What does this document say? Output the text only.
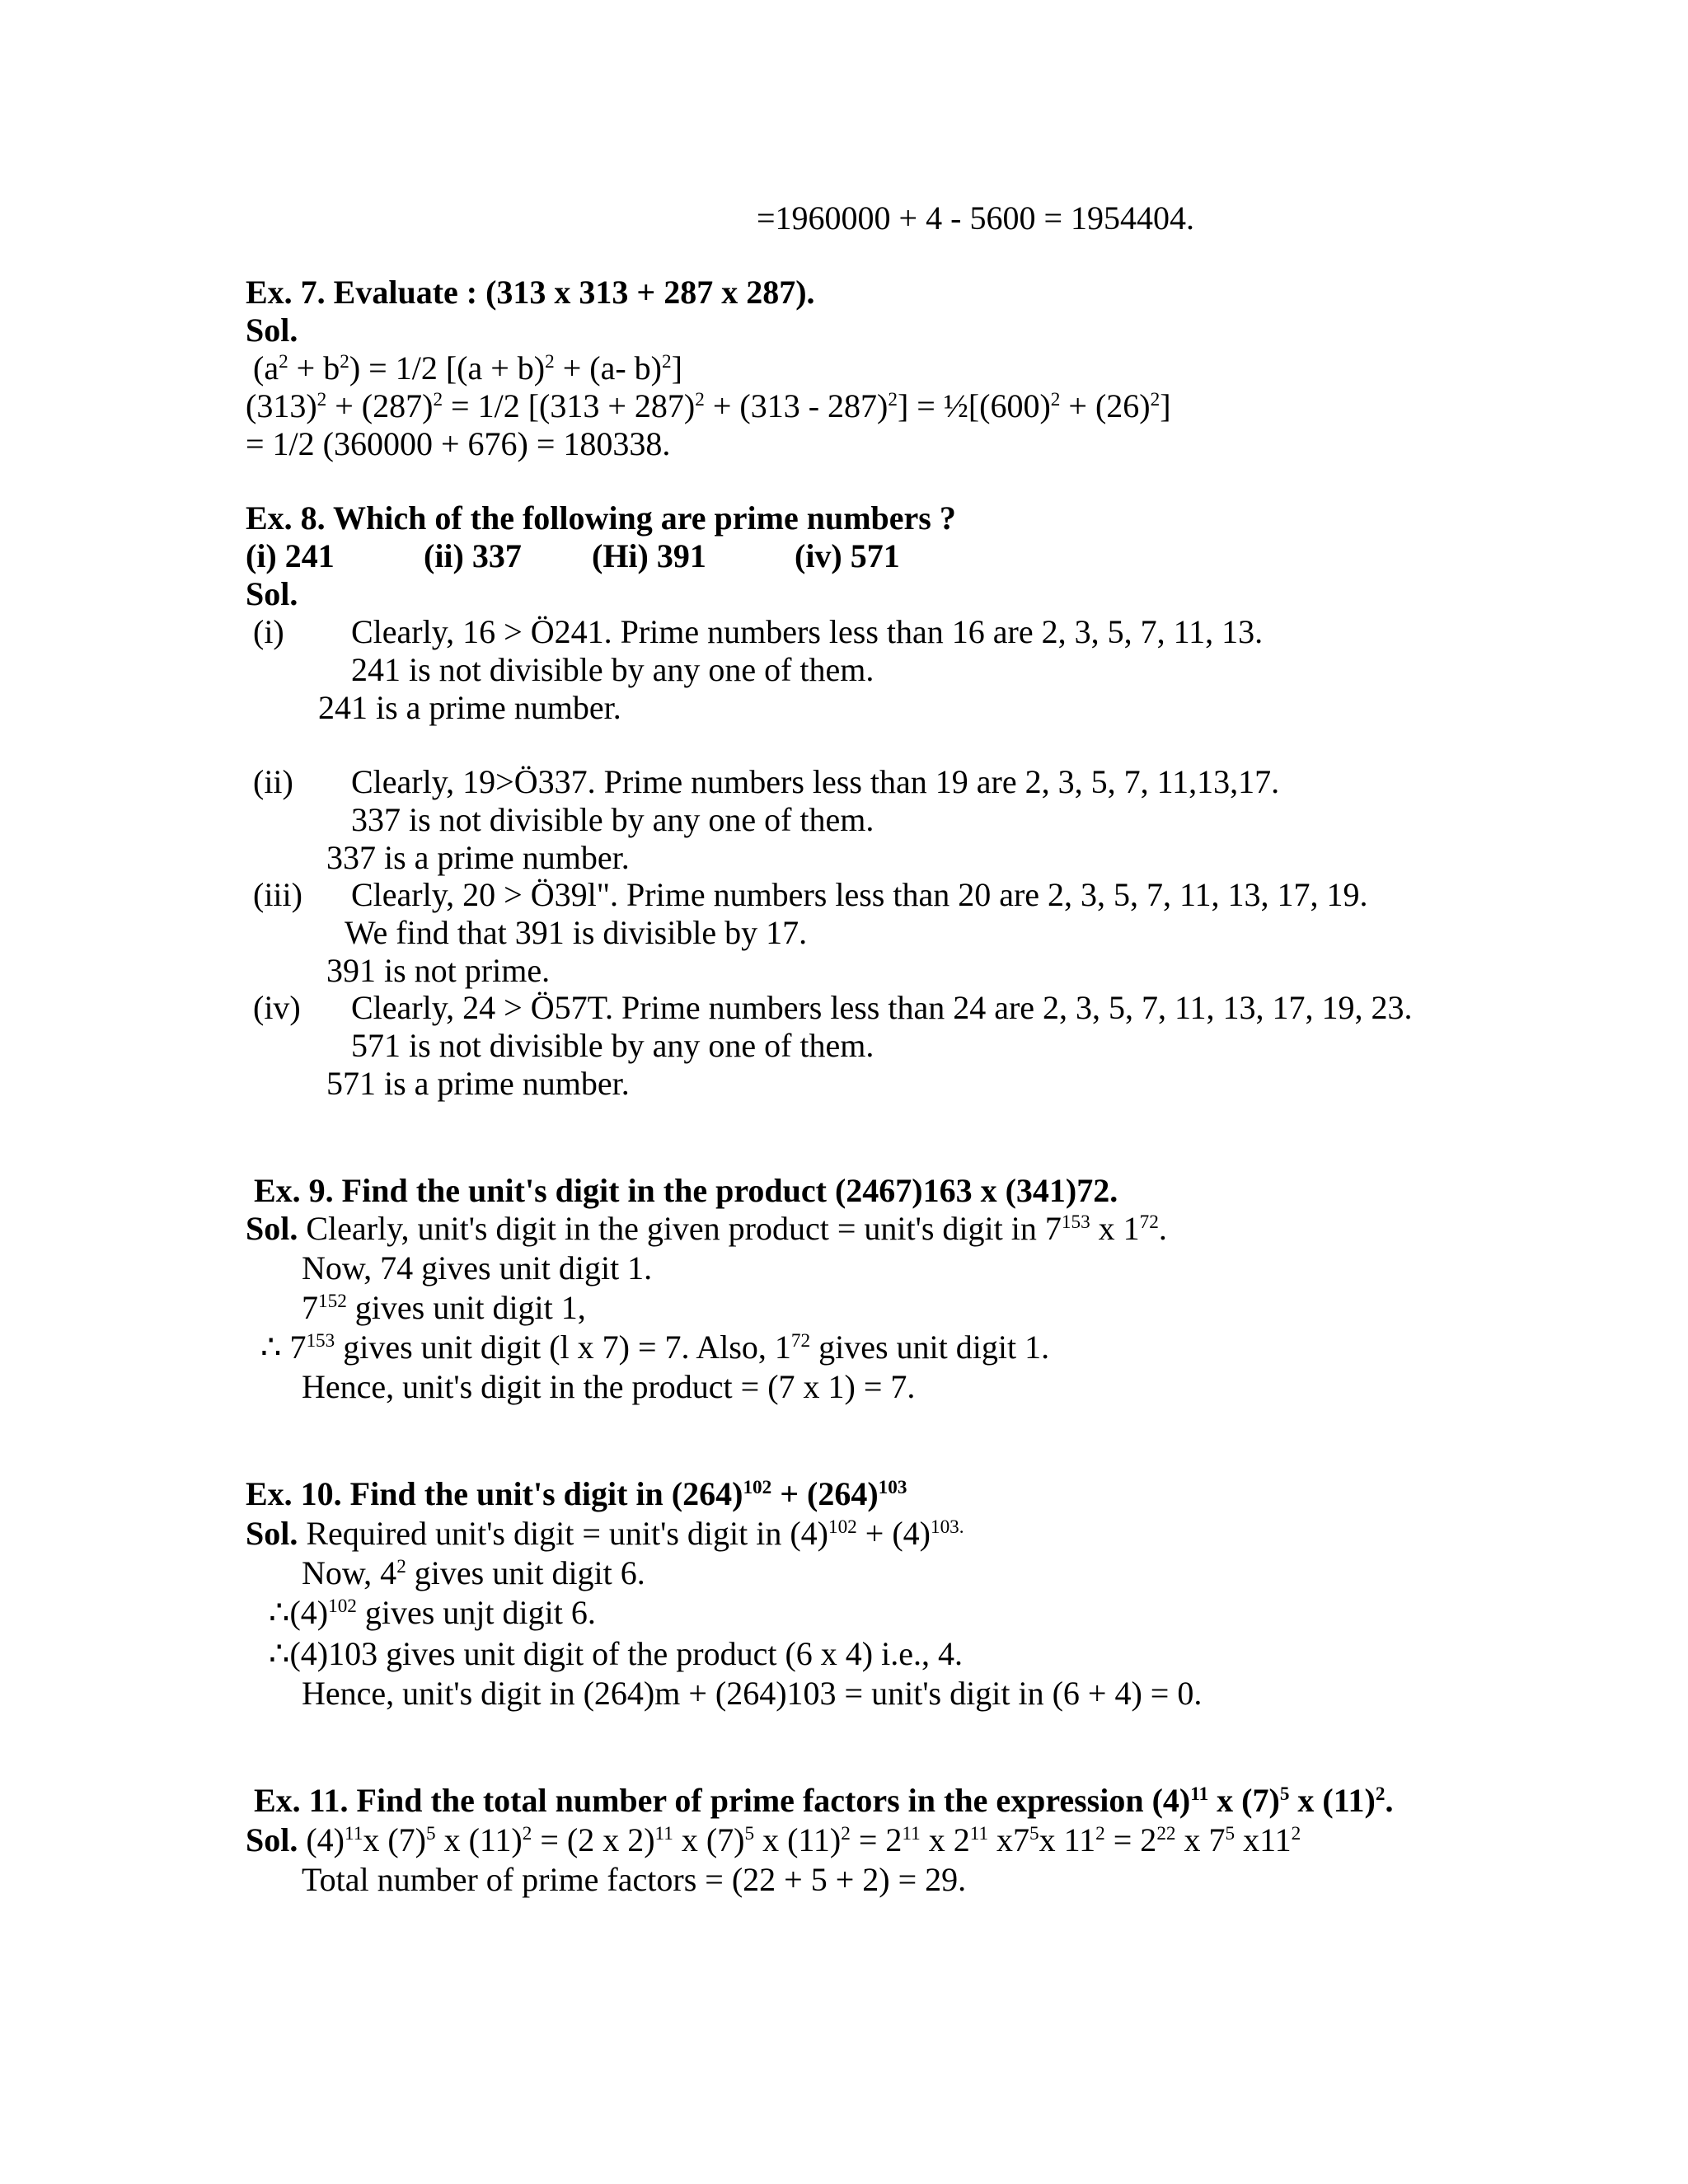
=1960000 + 4 - 5600 = 1954404.
Ex. 7. Evaluate : (313 x 313 + 287 x 287).
Sol.
$(a^2 + b^2) = 1/2$ [$(a + b)^2 + (a-$ b)$^2$]
$(313)^2 + (287)^2 = 1/2$ $[(313 + 287)^2 + (313 - 287)^2]$ = $\frac{1}{2}[(600)^2 + (26)^2]$
= 1/2 (360000 + 676) = 180338.
Ex. 8. Which of the following are prime numbers ?
(i) 241	(ii) 337 (Hi) 391	(iv) 571
Sol.
(i) Clearly, 16 > Ö241. Prime numbers less than 16 are 2, 3, 5, 7, 11, 13.
241 is not divisible by any one of them.
241 is a prime number.
(ii) Clearly, 19>Ö337. Prime numbers less than 19 are 2, 3, 5, 7, 11,13,17.
337 is not divisible by any one of them.
337 is a prime number.
(iii) Clearly, 20 > Ö39l". Prime numbers less than 20 are 2, 3, 5, 7, 11, 13, 17, 19.
We find that 391 is divisible by 17.
391 is not prime.
(iv) Clearly, 24 > Ö57T. Prime numbers less than 24 are 2, 3, 5, 7, 11, 13, 17, 19, 23.
571 is not divisible by any one of them.
571 is a prime number.
Ex. 9. Find the unit's digit in the product (2467)163 x (341)72.
Sol. Clearly, unit's digit in the given product = unit's digit in $7^{153}$ x $1^{72}$.
Now, 74 gives unit digit 1.
$7^{152}$ gives unit digit 1,
∴ $7^{153}$ gives unit digit (l x 7) = 7. Also, $1^{72}$ gives unit digit 1.
Hence, unit's digit in the product = (7 x 1) = 7.
Ex. 10. Find the unit's digit in $(264)^{102} + (264)^{103}$
Sol. Required unit's digit = unit's digit in $(4)^{102} + (4)^{103.}$
Now, $4^2$ gives unit digit 6.
$\therefore(4)^{102}$ gives unjt digit 6.
∴(4)103 gives unit digit of the product (6 x 4) i.e., 4.
Hence, unit's digit in (264)m + (264)103 = unit's digit in (6 + 4) = 0.
Ex. 11. Find the total number of prime factors in the expression $(4)^{11}$ x $(7)^5$ x $(11)^2$.
Sol. $(4)^{11}x$ $(7)^5$ x $(11)^2 = (2$ x 2)$^{11}$ x $(7)^5$ x $(11)^2 = 2^{11}$ x $2^{11}$ $x7^5x$ $11^2 = 2^{22}$ x $7^5$ $x11^2$
Total number of prime factors = (22 + 5 + 2) = 29.
